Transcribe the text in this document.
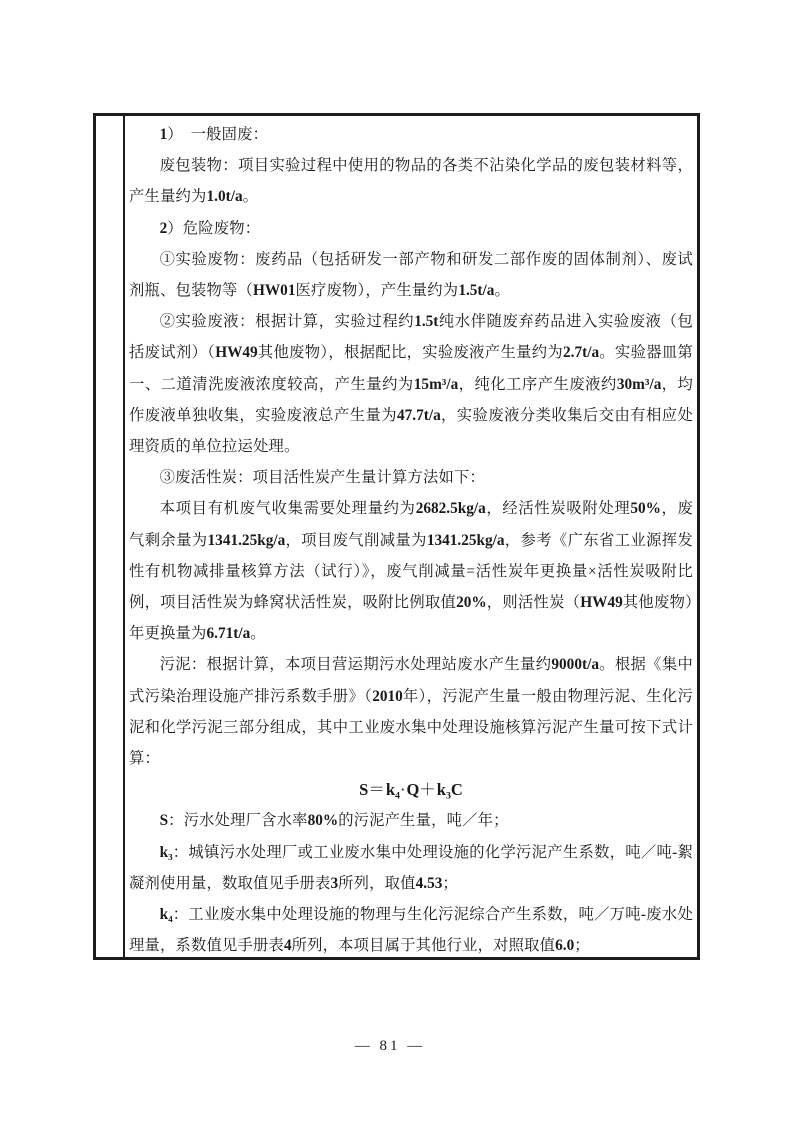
1）　一般固废：

废包装物：项目实验过程中使用的物品的各类不沾染化学品的废包装材料等，产生量约为1.0t/a。

2）危险废物：

①实验废物：废药品（包括研发一部产物和研发二部作废的固体制剂）、废试剂瓶、包装物等（HW01医疗废物），产生量约为1.5t/a。

②实验废液：根据计算，实验过程约1.5t纯水伴随废弃药品进入实验废液（包括废试剂）（HW49其他废物），根据配比，实验废液产生量约为2.7t/a。实验器皿第一、二道清洗废液浓度较高，产生量约为15m³/a，纯化工序产生废液约30m³/a，均作废液单独收集，实验废液总产生量为47.7t/a，实验废液分类收集后交由有相应处理资质的单位拉运处理。

③废活性炭：项目活性炭产生量计算方法如下：

本项目有机废气收集需要处理量约为2682.5kg/a，经活性炭吸附处理50%，废气剩余量为1341.25kg/a，项目废气削减量为1341.25kg/a，参考《广东省工业源挥发性有机物减排量核算方法（试行）》，废气削减量=活性炭年更换量×活性炭吸附比例，项目活性炭为蜂窝状活性炭，吸附比例取值20%，则活性炭（HW49其他废物）年更换量为6.71t/a。

污泥：根据计算，本项目营运期污水处理站废水产生量约9000t/a。根据《集中式污染治理设施产排污系数手册》（2010年），污泥产生量一般由物理污泥、生化污泥和化学污泥三部分组成，其中工业废水集中处理设施核算污泥产生量可按下式计算：

S＝k₄·Q＋k₃C

S：污水处理厂含水率80%的污泥产生量，吨／年；

k₃：城镇污水处理厂或工业废水集中处理设施的化学污泥产生系数，吨／吨-絮凝剂使用量，数取值见手册表3所列，取值4.53；

k₄：工业废水集中处理设施的物理与生化污泥综合产生系数，吨／万吨-废水处理量，系数值见手册表4所列，本项目属于其他行业，对照取值6.0；

— 81 —
